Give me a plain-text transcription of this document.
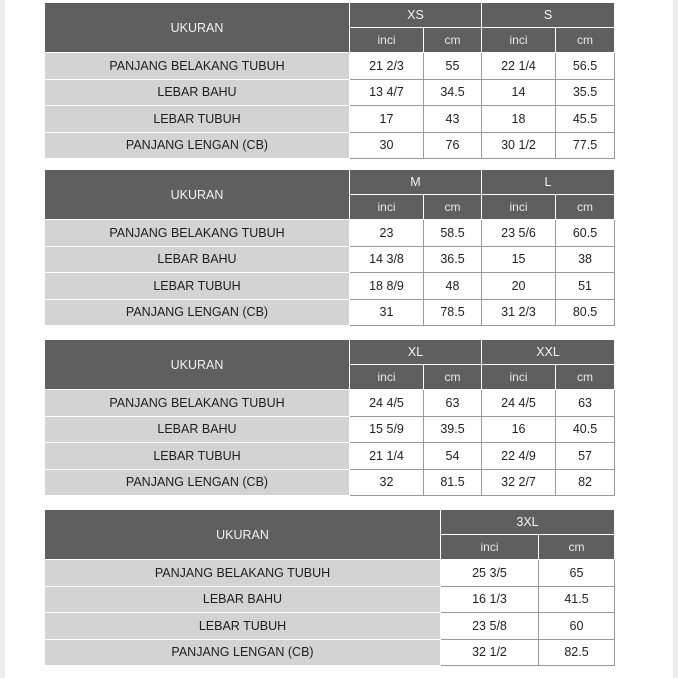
UKURAN	XS		S	
	inci	cm	inci	cm
PANJANG BELAKANG TUBUH	21 2/3	55	22 1/4	56.5
LEBAR BAHU	13 4/7	34.5	14	35.5
LEBAR TUBUH	17	43	18	45.5
PANJANG LENGAN (CB)	30	76	30 1/2	77.5
UKURAN	M		L	
	inci	cm	inci	cm
PANJANG BELAKANG TUBUH	23	58.5	23 5/6	60.5
LEBAR BAHU	14 3/8	36.5	15	38
LEBAR TUBUH	18 8/9	48	20	51
PANJANG LENGAN (CB)	31	78.5	31 2/3	80.5
UKURAN	XL		XXL	
	inci	cm	inci	cm
PANJANG BELAKANG TUBUH	24 4/5	63	24 4/5	63
LEBAR BAHU	15 5/9	39.5	16	40.5
LEBAR TUBUH	21 1/4	54	22 4/9	57
PANJANG LENGAN (CB)	32	81.5	32 2/7	82
UKURAN	3XL	
	inci	cm
PANJANG BELAKANG TUBUH	25 3/5	65
LEBAR BAHU	16 1/3	41.5
LEBAR TUBUH	23 5/8	60
PANJANG LENGAN (CB)	32 1/2	82.5
